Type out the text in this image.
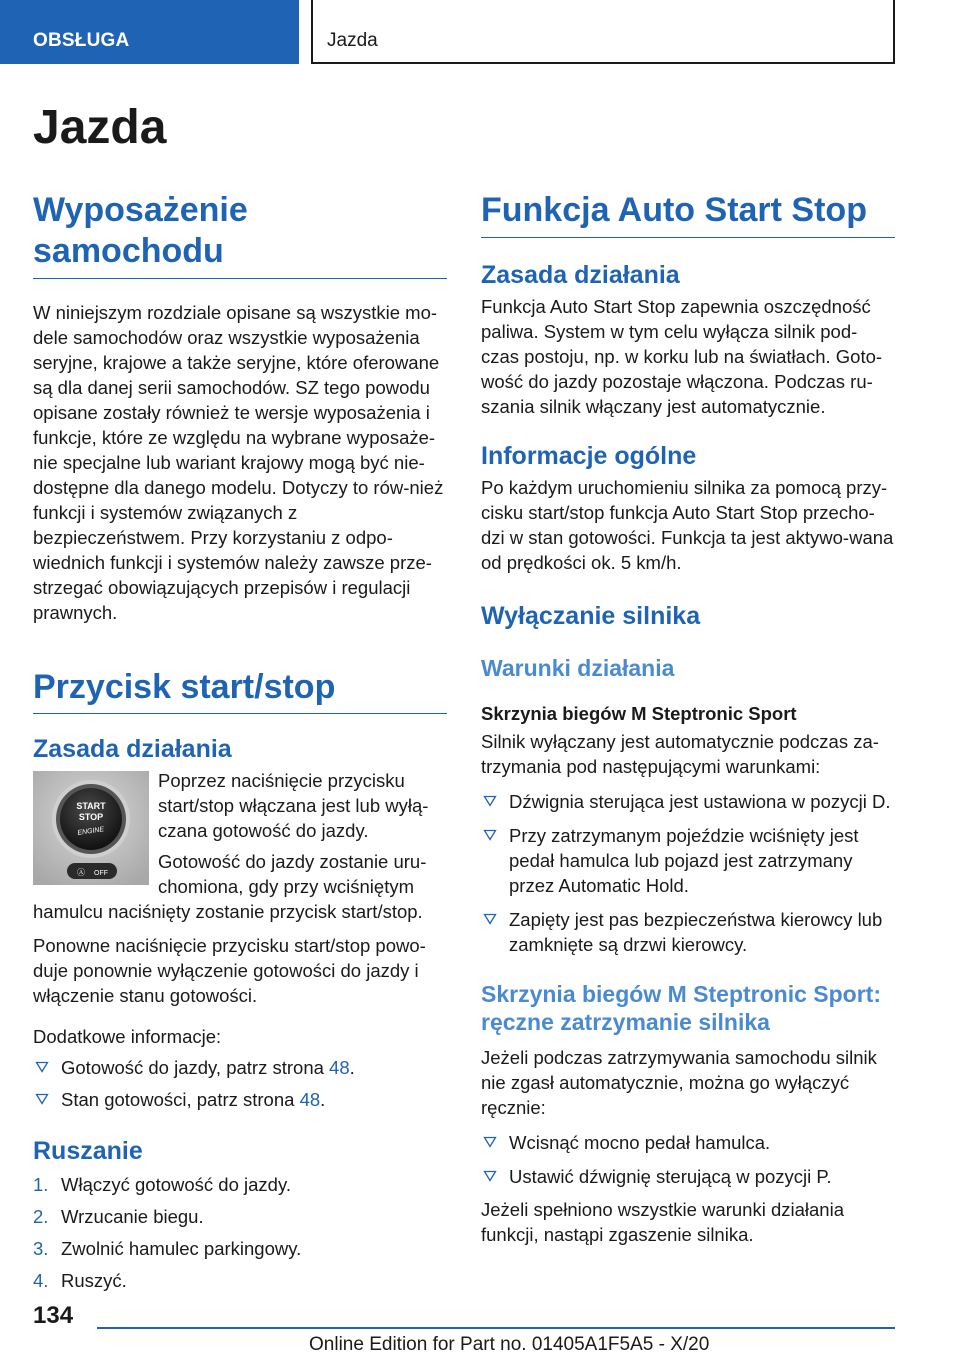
OBSŁUGA	Jazda
Jazda
Wyposażenie samochodu

W niniejszym rozdziale opisane są wszystkie mo-dele samochodów oraz wszystkie wyposażenia seryjne, krajowe a także seryjne, które oferowane są dla danej serii samochodów. SZ tego powodu opisane zostały również te wersje wyposażenia i funkcje, które ze względu na wybrane wyposaże-nie specjalne lub wariant krajowy mogą być nie-dostępne dla danego modelu. Dotyczy to rów-nież funkcji i systemów związanych z bezpieczeństwem. Przy korzystaniu z odpo-wiednich funkcji i systemów należy zawsze prze-strzegać obowiązujących przepisów i regulacji prawnych.

Przycisk start/stop
Zasada działania
START
STOP
ENGINE
OFF
Ⓐ

Poprzez naciśnięcie przycisku start/stop włączana jest lub wyłą-czana gotowość do jazdy.

Gotowość do jazdy zostanie uru-chomiona, gdy przy wciśniętym hamulcu naciśnięty zostanie przycisk start/stop.

Ponowne naciśnięcie przycisku start/stop powo-duje ponownie wyłączenie gotowości do jazdy i włączenie stanu gotowości.

Dodatkowe informacje:

Gotowość do jazdy, patrz strona 48.
Stan gotowości, patrz strona 48.
Ruszanie
1. Włączyć gotowość do jazdy.
2. Wrzucanie biegu.
3. Zwolnić hamulec parkingowy.
4. Ruszyć.
Funkcja Auto Start Stop
Zasada działania

Funkcja Auto Start Stop zapewnia oszczędność paliwa. System w tym celu wyłącza silnik pod-czas postoju, np. w korku lub na światłach. Goto-wość do jazdy pozostaje włączona. Podczas ru-szania silnik włączany jest automatycznie.

Informacje ogólne

Po każdym uruchomieniu silnika za pomocą przy-cisku start/stop funkcja Auto Start Stop przecho-dzi w stan gotowości. Funkcja ta jest aktywo-wana od prędkości ok. 5 km/h.

Wyłączanie silnika
Warunki działania

Skrzynia biegów M Steptronic Sport

Silnik wyłączany jest automatycznie podczas za-trzymania pod następującymi warunkami:

Dźwignia sterująca jest ustawiona w pozycji D.
Przy zatrzymanym pojeździe wciśnięty jest pedał hamulca lub pojazd jest zatrzymany przez Automatic Hold.
Zapięty jest pas bezpieczeństwa kierowcy lub zamknięte są drzwi kierowcy.
Skrzynia biegów M Steptronic Sport: ręczne zatrzymanie silnika

Jeżeli podczas zatrzymywania samochodu silnik nie zgasł automatycznie, można go wyłączyć ręcznie:

Wcisnąć mocno pedał hamulca.
Ustawić dźwignię sterującą w pozycji P.

Jeżeli spełniono wszystkie warunki działania funkcji, nastąpi zgaszenie silnika.

134
Online Edition for Part no. 01405A1F5A5 - X/20
